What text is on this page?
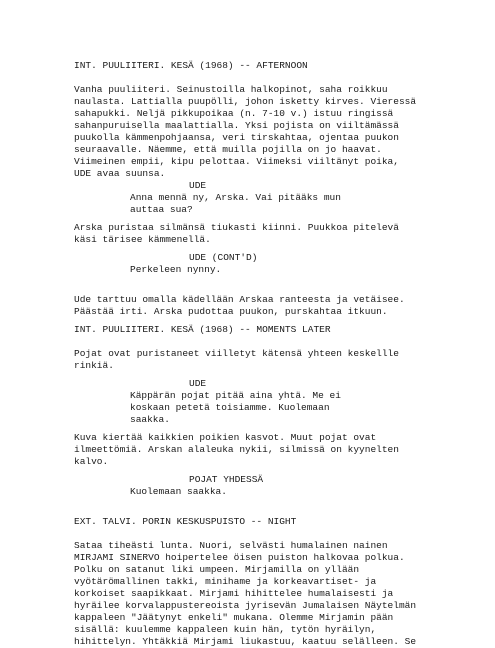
INT. PUULIITERI. KESÄ (1968) -- AFTERNOON
Vanha puuliiteri. Seinustoilla halkopinot, saha roikkuu
naulasta. Lattialla puupölli, johon isketty kirves. Vieressä
sahapukki. Neljä pikkupoikaa (n. 7-10 v.) istuu ringissä
sahanpuruisella maalattialla. Yksi pojista on viiltämässä
puukolla kämmenpohjaansa, veri tirskahtaa, ojentaa puukon
seuraavalle. Näemme, että muilla pojilla on jo haavat.
Viimeinen empii, kipu pelottaa. Viimeksi viiltänyt poika,
UDE avaa suunsa.
UDE
Anna mennä ny, Arska. Vai pitääks mun
auttaa sua?
Arska puristaa silmänsä tiukasti kiinni. Puukkoa pitelevä
käsi tärisee kämmenellä.
UDE (CONT'D)
Perkeleen nynny.
Ude tarttuu omalla kädellään Arskaa ranteesta ja vetäisee.
Päästää irti. Arska pudottaa puukon, purskahtaa itkuun.
INT. PUULIITERI. KESÄ (1968) -- MOMENTS LATER
Pojat ovat puristaneet viilletyt kätensä yhteen keskellle
rinkiä.
UDE
Käppärän pojat pitää aina yhtä. Me ei
koskaan petetä toisiamme. Kuolemaan
saakka.
Kuva kiertää kaikkien poikien kasvot. Muut pojat ovat
ilmeettömiä. Arskan alaleuka nykii, silmissä on kyynelten
kalvo.
POJAT YHDESSÄ
Kuolemaan saakka.
EXT. TALVI. PORIN KESKUSPUISTO -- NIGHT
Sataa tiheästi lunta. Nuori, selvästi humalainen nainen
MIRJAMI SINERVO hoipertelee öisen puiston halkovaa polkua.
Polku on satanut liki umpeen. Mirjamilla on yllään
vyötärömallinen takki, minihame ja korkeavartiset- ja
korkoiset saapikkaat. Mirjami hihittelee humalaisesti ja
hyräilee korvalappustereoista jyrisevän Jumalaisen Näytelmän
kappaleen "Jäätynyt enkeli" mukana. Olemme Mirjamin pään
sisällä: kuulemme kappaleen kuin hän, tytön hyräilyn,
hihittelyn. Yhtäkkiä Mirjami liukastuu, kaatuu selälleen. Se
